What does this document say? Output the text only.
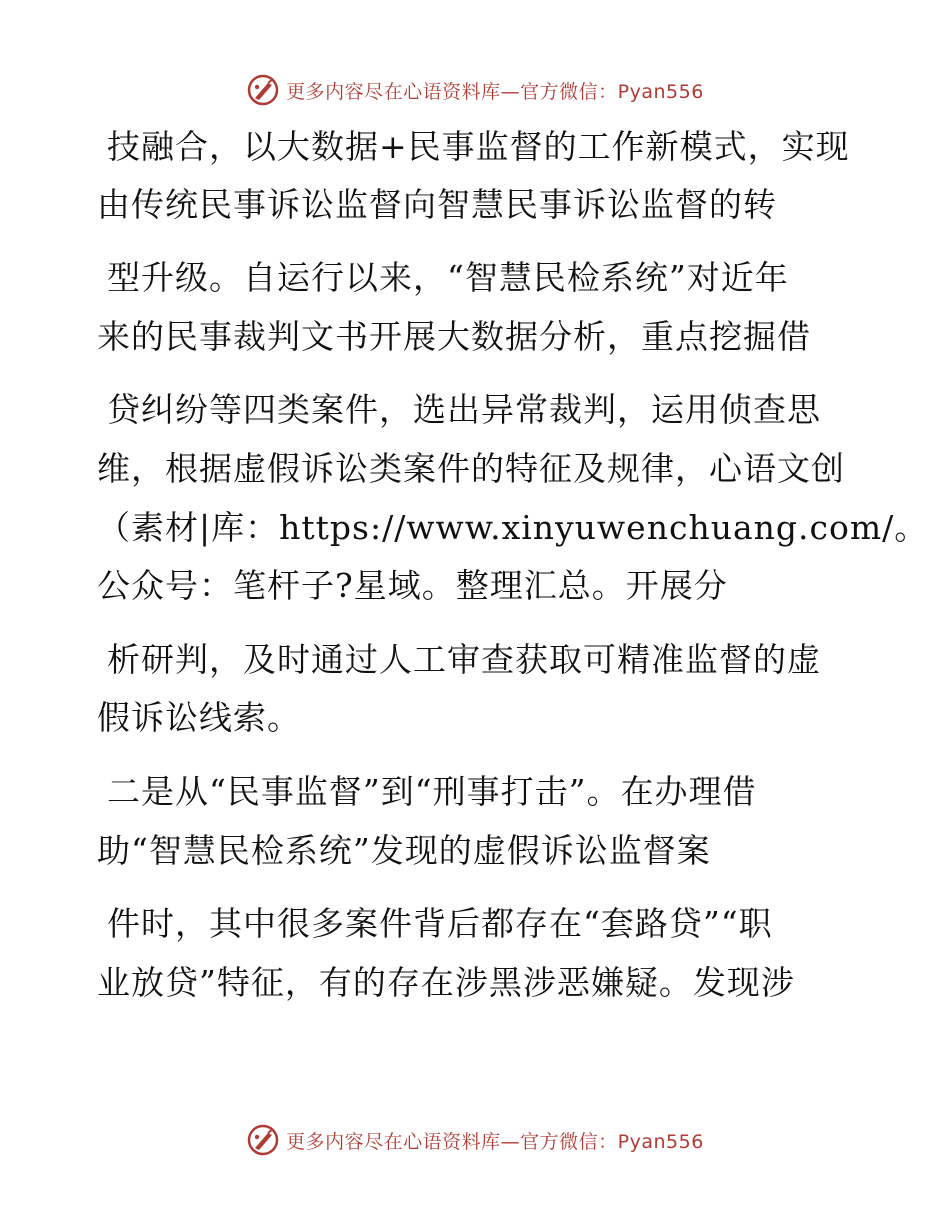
更多内容尽在心语资料库—官方微信：Pyan556
技融合，以大数据+民事监督的工作新模式，实现
由传统民事诉讼监督向智慧民事诉讼监督的转
型升级。自运行以来，“智慧民检系统”对近年
来的民事裁判文书开展大数据分析，重点挖掘借
贷纠纷等四类案件，选出异常裁判，运用侦查思
维，根据虚假诉讼类案件的特征及规律，心语文创
（素材|库：https://www.xinyuwenchuang.com/。
公众号：笔杆子?星域。整理汇总。开展分
析研判，及时通过人工审查获取可精准监督的虚
假诉讼线索。
二是从“民事监督”到“刑事打击”。在办理借
助“智慧民检系统”发现的虚假诉讼监督案
件时，其中很多案件背后都存在“套路贷”“职
业放贷”特征，有的存在涉黑涉恶嫌疑。发现涉
更多内容尽在心语资料库—官方微信：Pyan556
